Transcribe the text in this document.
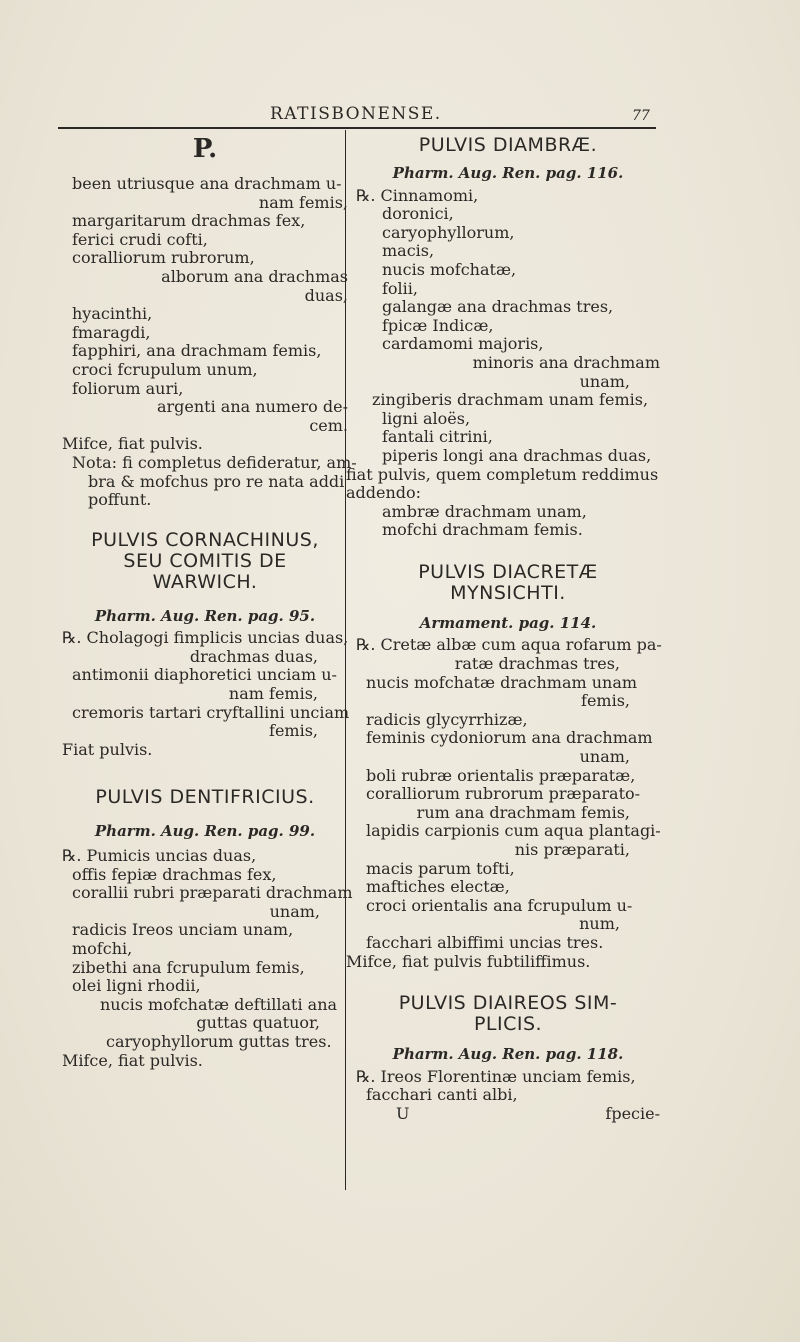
RATISBONENSE.	77
P.
been utriusque ana drachmam u-
nam femis,
margaritarum drachmas fex,
ferici crudi cofti,
coralliorum rubrorum,
alborum ana drachmas
duas,
hyacinthi,
fmaragdi,
fapphiri, ana drachmam femis,
croci fcrupulum unum,
foliorum auri,
argenti ana numero de-
cem.
Mifce, fiat pulvis.
Nota: fi completus defideratur, am-
bra & mofchus pro re nata addi
poffunt.
PULVIS CORNACHINUS,
SEU COMITIS DE
WARWICH.
Pharm. Aug. Ren. pag. 95.
℞. Cholagogi fimplicis uncias duas,
drachmas duas,
antimonii diaphoretici unciam u-
nam femis,
cremoris tartari cryftallini unciam
femis,
Fiat pulvis.
PULVIS DENTIFRICIUS.
Pharm. Aug. Ren. pag. 99.
℞. Pumicis uncias duas,
offis fepiæ drachmas fex,
corallii rubri præparati drachmam
unam,
radicis Ireos unciam unam,
mofchi,
zibethi ana fcrupulum femis,
olei ligni rhodii,
nucis mofchatæ deftillati ana
guttas quatuor,
caryophyllorum guttas tres.
Mifce, fiat pulvis.
PULVIS DIAMBRÆ.
Pharm. Aug. Ren. pag. 116.
℞. Cinnamomi,
doronici,
caryophyllorum,
macis,
nucis mofchatæ,
folii,
galangæ ana drachmas tres,
fpicæ Indicæ,
cardamomi majoris,
minoris ana drachmam
unam,
zingiberis drachmam unam femis,
ligni aloës,
fantali citrini,
piperis longi ana drachmas duas,
fiat pulvis, quem completum reddimus
addendo:
ambræ drachmam unam,
mofchi drachmam femis.
PULVIS DIACRETÆ
MYNSICHTI.
Armament. pag. 114.
℞. Cretæ albæ cum aqua rofarum pa-
ratæ drachmas tres,
nucis mofchatæ drachmam unam
femis,
radicis glycyrrhizæ,
feminis cydoniorum ana drachmam
unam,
boli rubræ orientalis præparatæ,
coralliorum rubrorum præparato-
rum ana drachmam femis,
lapidis carpionis cum aqua plantagi-
nis præparati,
macis parum tofti,
maftiches electæ,
croci orientalis ana fcrupulum u-
num,
facchari albiffimi uncias tres.
Mifce, fiat pulvis fubtiliffimus.
PULVIS DIAIREOS SIM-
PLICIS.
Pharm. Aug. Ren. pag. 118.
℞. Ireos Florentinæ unciam femis,
facchari canti albi,
U	fpecie-
